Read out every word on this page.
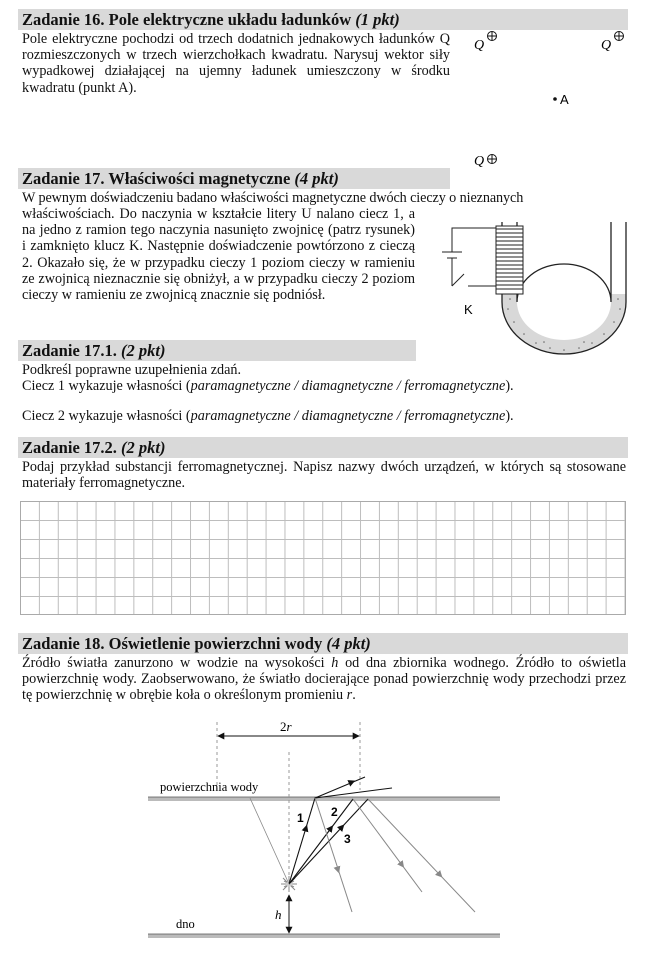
Zadanie 16. Pole elektryczne układu ładunków (1 pkt)

Pole elektryczne pochodzi od trzech dodatnich jednakowych ładunków Q rozmieszczonych w trzech wierzchołkach kwadratu. Narysuj wektor siły wypadkowej działającej na ujemny ładunek umieszczony w środku kwadratu (punkt A).

Q	Q
Q
A
Zadanie 17. Właściwości magnetyczne (4 pkt)

W pewnym doświadczeniu badano właściwości magnetyczne dwóch cieczy o nieznanych

właściwościach. Do naczynia w kształcie litery U nalano ciecz 1, a na jedno z ramion tego naczynia nasunięto zwojnicę (patrz rysunek) i zamknięto klucz K. Następnie doświadczenie powtórzono z cieczą 2. Okazało się, że w przypadku cieczy 1 poziom cieczy w ramieniu ze zwojnicą nieznacznie się obniżył, a w przypadku cieczy 2 poziom cieczy w ramieniu ze zwojnicą znacznie się podniósł.

K
Zadanie 17.1. (2 pkt)

Podkreśl poprawne uzupełnienia zdań.

Ciecz 1 wykazuje własności (paramagnetyczne / diamagnetyczne / ferromagnetyczne).

Ciecz 2 wykazuje własności (paramagnetyczne / diamagnetyczne / ferromagnetyczne).

Zadanie 17.2. (2 pkt)

Podaj przykład substancji ferromagnetycznej. Napisz nazwy dwóch urządzeń, w których są stosowane materiały ferromagnetyczne.

Zadanie 18. Oświetlenie powierzchni wody (4 pkt)

Źródło światła zanurzono w wodzie na wysokości h od dna zbiornika wodnego. Źródło to oświetla powierzchnię wody. Zaobserwowano, że światło docierające ponad powierzchnię wody przechodzi przez tę powierzchnię w obrębie koła o określonym promieniu r.

2r
powierzchnia wody
dno
h
1 2
3
